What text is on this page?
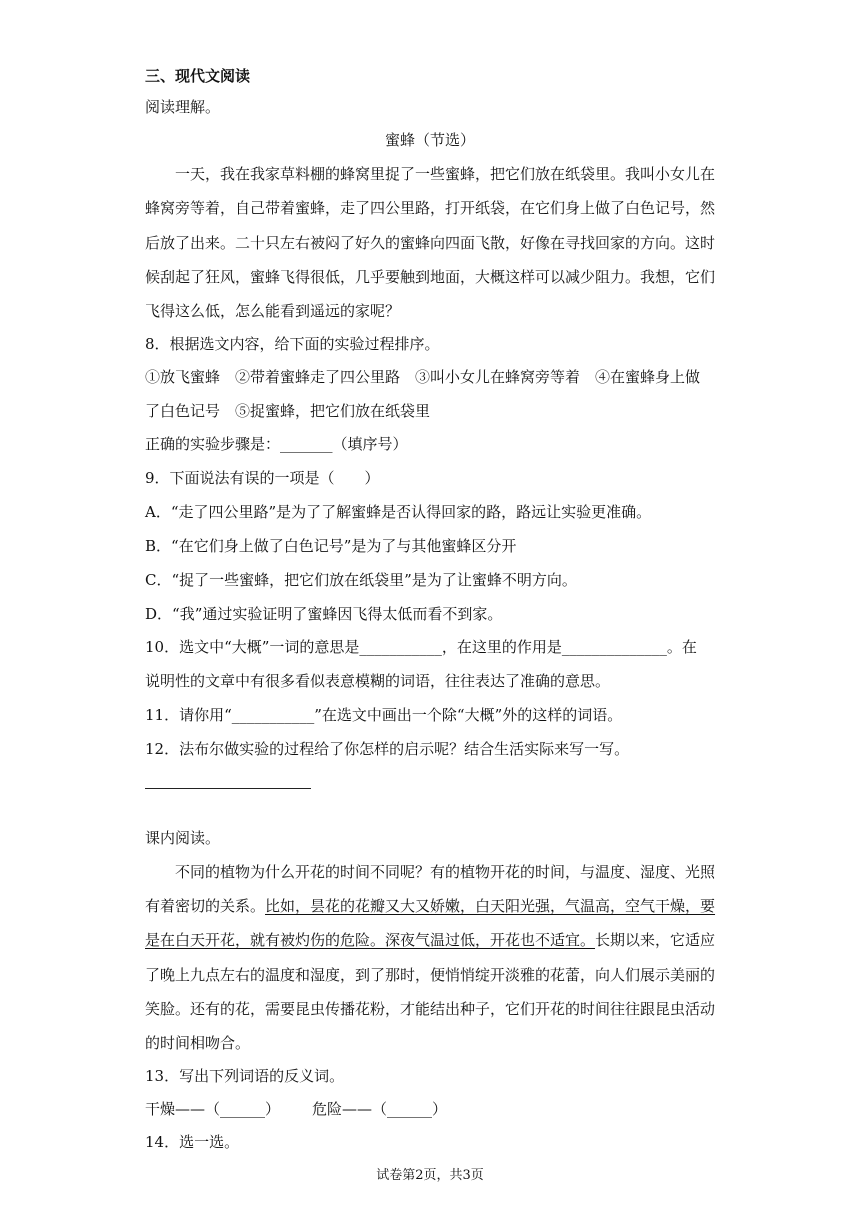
三、现代文阅读
阅读理解。
蜜蜂（节选）
一天，我在我家草料棚的蜂窝里捉了一些蜜蜂，把它们放在纸袋里。我叫小女儿在
蜂窝旁等着，自己带着蜜蜂，走了四公里路，打开纸袋，在它们身上做了白色记号，然
后放了出来。二十只左右被闷了好久的蜜蜂向四面飞散，好像在寻找回家的方向。这时
候刮起了狂风，蜜蜂飞得很低，几乎要触到地面，大概这样可以减少阻力。我想，它们
飞得这么低，怎么能看到遥远的家呢？
8．根据选文内容，给下面的实验过程排序。
①放飞蜜蜂　②带着蜜蜂走了四公里路　③叫小女儿在蜂窝旁等着　④在蜜蜂身上做
了白色记号　⑤捉蜜蜂，把它们放在纸袋里
正确的实验步骤是：_______（填序号）
9．下面说法有误的一项是（　　）
A．“走了四公里路”是为了了解蜜蜂是否认得回家的路，路远让实验更准确。
B．“在它们身上做了白色记号”是为了与其他蜜蜂区分开
C．“捉了一些蜜蜂，把它们放在纸袋里”是为了让蜜蜂不明方向。
D．“我”通过实验证明了蜜蜂因飞得太低而看不到家。
10．选文中“大概”一词的意思是___________，在这里的作用是______________。在
说明性的文章中有很多看似表意模糊的词语，往往表达了准确的意思。
11．请你用“___________”在选文中画出一个除“大概”外的这样的词语。
12．法布尔做实验的过程给了你怎样的启示呢？结合生活实际来写一写。
课内阅读。
不同的植物为什么开花的时间不同呢？有的植物开花的时间，与温度、湿度、光照
有着密切的关系。比如，昙花的花瓣又大又娇嫩，白天阳光强，气温高，空气干燥，要
是在白天开花，就有被灼伤的危险。深夜气温过低，开花也不适宜。长期以来，它适应
了晚上九点左右的温度和湿度，到了那时，便悄悄绽开淡雅的花蕾，向人们展示美丽的
笑脸。还有的花，需要昆虫传播花粉，才能结出种子，它们开花的时间往往跟昆虫活动
的时间相吻合。
13．写出下列词语的反义词。
干燥——（______） 危险——（______）
14．选一选。
试卷第2页，共3页
